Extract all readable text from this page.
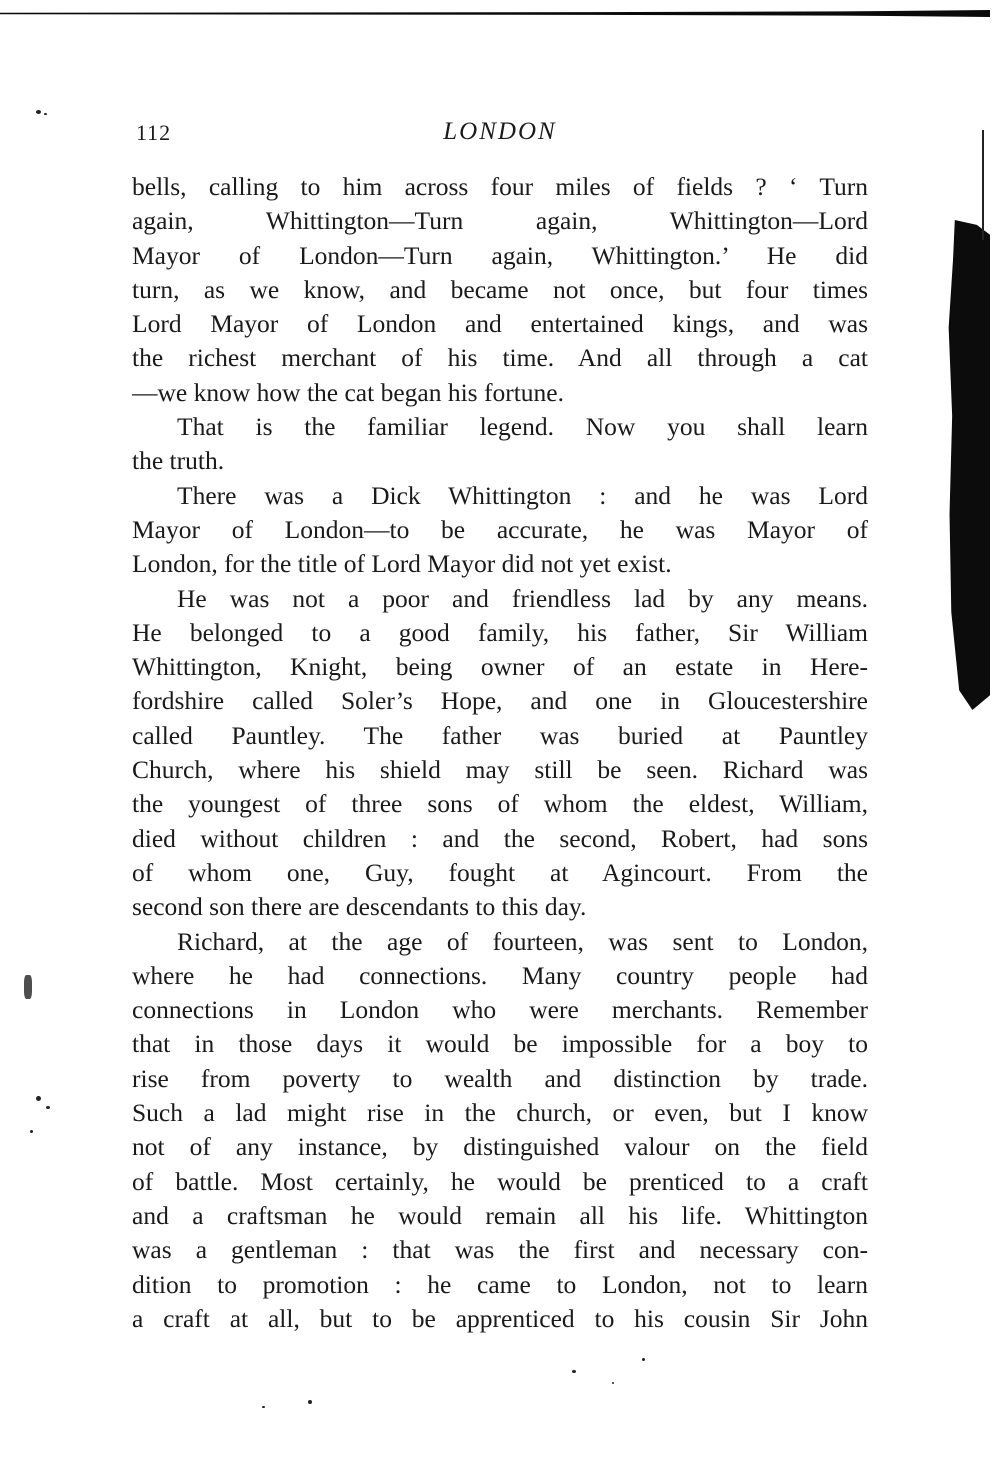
112	LONDON
bells, calling to him across four miles of fields ? ‘ Turn
again, Whittington—Turn again, Whittington—Lord
Mayor of London—Turn again, Whittington.’ He did
turn, as we know, and became not once, but four times
Lord Mayor of London and entertained kings, and was
the richest merchant of his time. And all through a cat
—we know how the cat began his fortune.
That is the familiar legend. Now you shall learn
the truth.
There was a Dick Whittington : and he was Lord
Mayor of London—to be accurate, he was Mayor of
London, for the title of Lord Mayor did not yet exist.
He was not a poor and friendless lad by any means.
He belonged to a good family, his father, Sir William
Whittington, Knight, being owner of an estate in Here-
fordshire called Soler’s Hope, and one in Gloucestershire
called Pauntley. The father was buried at Pauntley
Church, where his shield may still be seen. Richard was
the youngest of three sons of whom the eldest, William,
died without children : and the second, Robert, had sons
of whom one, Guy, fought at Agincourt. From the
second son there are descendants to this day.
Richard, at the age of fourteen, was sent to London,
where he had connections. Many country people had
connections in London who were merchants. Remember
that in those days it would be impossible for a boy to
rise from poverty to wealth and distinction by trade.
Such a lad might rise in the church, or even, but I know
not of any instance, by distinguished valour on the field
of battle. Most certainly, he would be prenticed to a craft
and a craftsman he would remain all his life. Whittington
was a gentleman : that was the first and necessary con-
dition to promotion : he came to London, not to learn
a craft at all, but to be apprenticed to his cousin Sir John
